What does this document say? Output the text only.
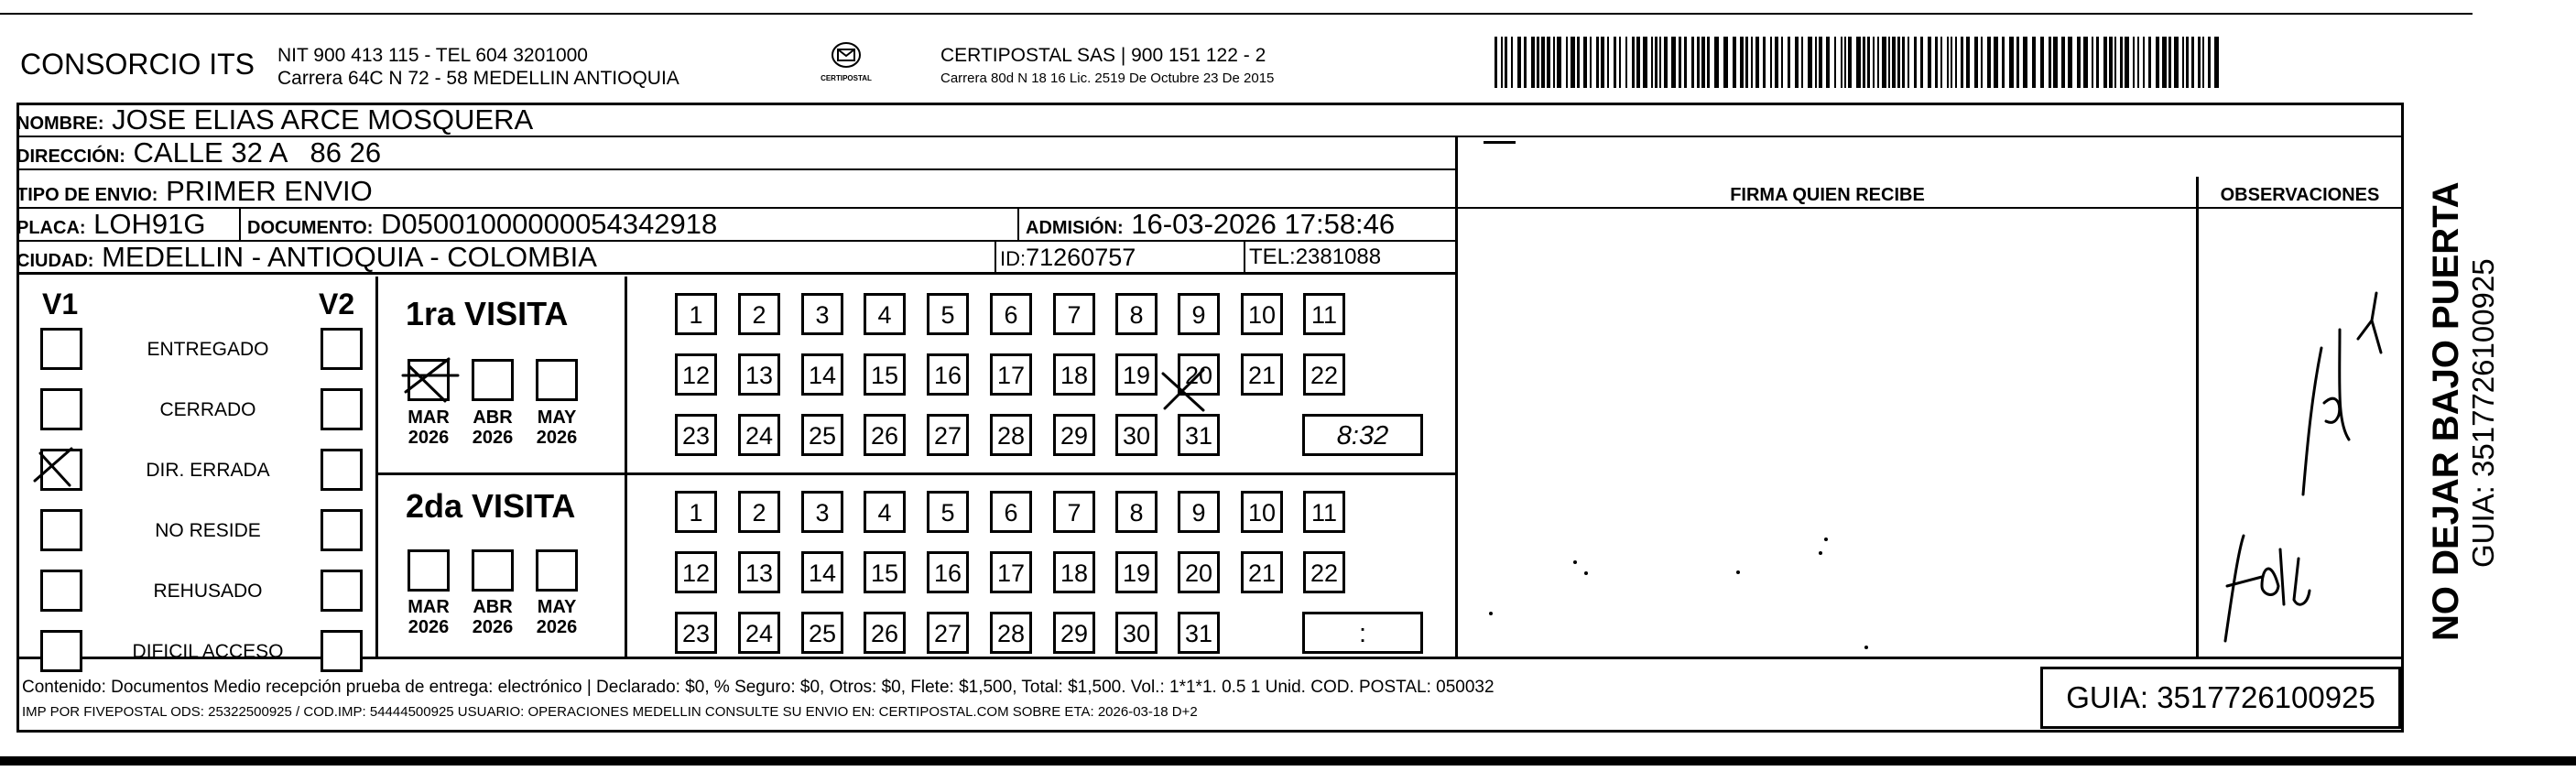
CONSORCIO ITS NIT 900 413 115 - TEL 604 3201000
Carrera 64C N 72 - 58 MEDELLIN ANTIOQUIA	CERTIPOSTAL
CERTIPOSTAL SAS | 900 151 122 - 2
Carrera 80d N 18 16 Lic. 2519 De Octubre 23 De 2015
NOMBRE: JOSE ELIAS ARCE MOSQUERA
DIRECCIÓN: CALLE 32 A   86 26
TIPO DE ENVIO: PRIMER ENVIO	FIRMA QUIEN RECIBE	OBSERVACIONES
PLACA: LOH91G DOCUMENTO: D05001000000054342918	ADMISIÓN: 16-03-2026 17:58:46
CIUDAD: MEDELLIN - ANTIOQUIA - COLOMBIA	ID:71260757	TEL:2381088
V1	V2
ENTREGADO
CERRADO
DIR. ERRADA
NO RESIDE
REHUSADO
DIFICIL ACCESO
1ra VISITA
2da VISITA
MAR
2026
ABR
2026
MAY
2026
MAR
2026
ABR
2026
MAY
2026
1	2	3	4	5	6	7	8	9	10	11
12 13 14 15 16 17 18 19 20 21 22
23 24 25 26 27 28 29 30 31	8:32
1	2	3	4	5	6	7	8	9	10	11
12 13 14 15 16 17 18 19 20 21 22
23 24 25 26 27 28 29 30 31	:	NO DEJAR BAJO PUERTA GUIA: 3517726100925
Contenido: Documentos Medio recepción prueba de entrega: electrónico | Declarado: $0, % Seguro: $0, Otros: $0, Flete: $1,500, Total: $1,500. Vol.: 1*1*1. 0.5 1 Unid. COD. POSTAL: 050032
IMP POR FIVEPOSTAL ODS: 25322500925 / COD.IMP: 54444500925 USUARIO: OPERACIONES MEDELLIN CONSULTE SU ENVIO EN: CERTIPOSTAL.COM SOBRE ETA: 2026-03-18 D+2	GUIA: 3517726100925
